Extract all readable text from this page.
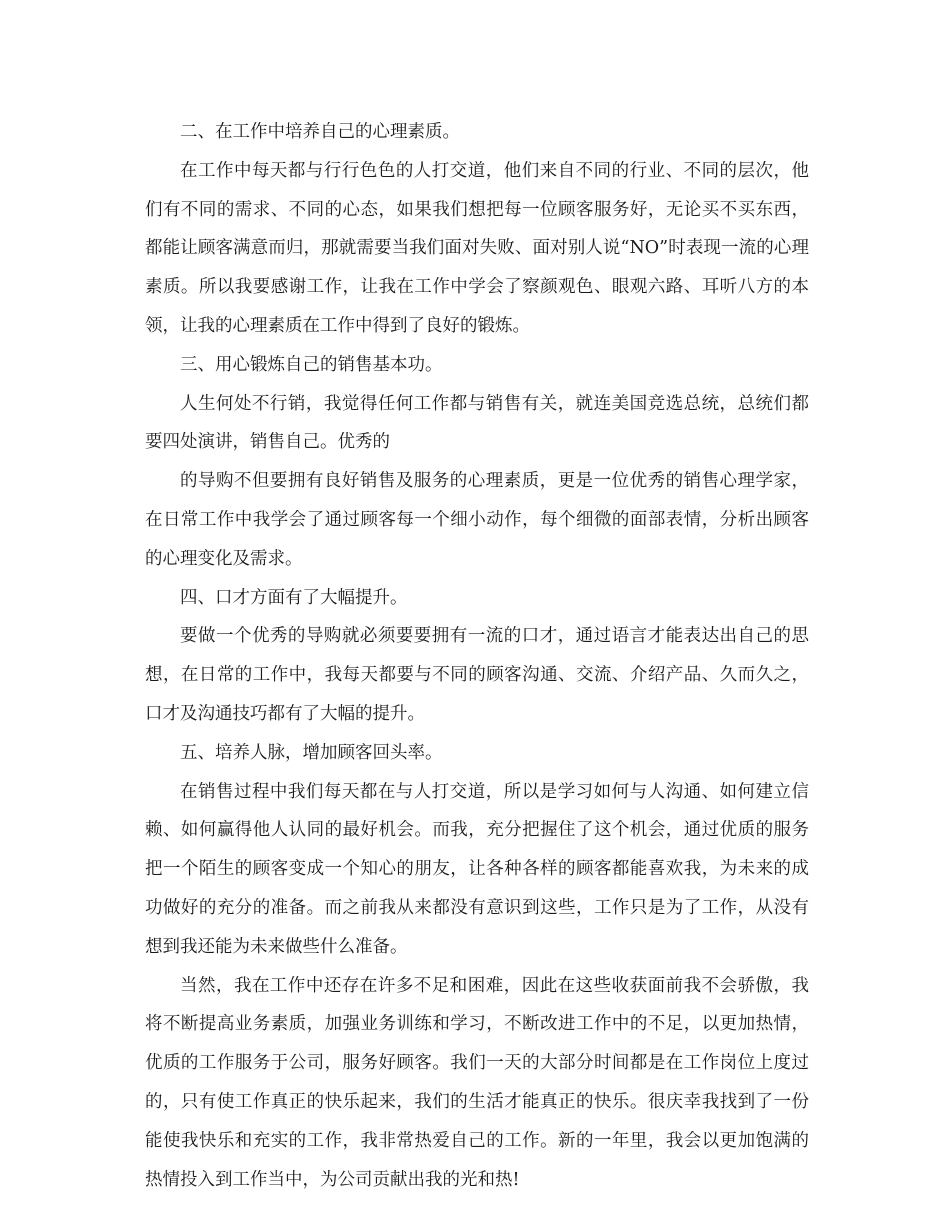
二、在工作中培养自己的心理素质。

在工作中每天都与行行色色的人打交道，他们来自不同的行业、不同的层次，他们有不同的需求、不同的心态，如果我们想把每一位顾客服务好，无论买不买东西，都能让顾客满意而归，那就需要当我们面对失败、面对别人说“NO”时表现一流的心理素质。所以我要感谢工作，让我在工作中学会了察颜观色、眼观六路、耳听八方的本领，让我的心理素质在工作中得到了良好的锻炼。

三、用心锻炼自己的销售基本功。

人生何处不行销，我觉得任何工作都与销售有关，就连美国竞选总统，总统们都要四处演讲，销售自己。优秀的

的导购不但要拥有良好销售及服务的心理素质，更是一位优秀的销售心理学家，在日常工作中我学会了通过顾客每一个细小动作，每个细微的面部表情，分析出顾客的心理变化及需求。

四、口才方面有了大幅提升。

要做一个优秀的导购就必须要要拥有一流的口才，通过语言才能表达出自己的思想，在日常的工作中，我每天都要与不同的顾客沟通、交流、介绍产品、久而久之，口才及沟通技巧都有了大幅的提升。

五、培养人脉，增加顾客回头率。

在销售过程中我们每天都在与人打交道，所以是学习如何与人沟通、如何建立信赖、如何赢得他人认同的最好机会。而我，充分把握住了这个机会，通过优质的服务把一个陌生的顾客变成一个知心的朋友，让各种各样的顾客都能喜欢我，为未来的成功做好的充分的准备。而之前我从来都没有意识到这些，工作只是为了工作，从没有想到我还能为未来做些什么准备。

当然，我在工作中还存在许多不足和困难，因此在这些收获面前我不会骄傲，我将不断提高业务素质，加强业务训练和学习，不断改进工作中的不足，以更加热情，优质的工作服务于公司，服务好顾客。我们一天的大部分时间都是在工作岗位上度过的，只有使工作真正的快乐起来，我们的生活才能真正的快乐。很庆幸我找到了一份能使我快乐和充实的工作，我非常热爱自己的工作。新的一年里，我会以更加饱满的热情投入到工作当中，为公司贡献出我的光和热!
